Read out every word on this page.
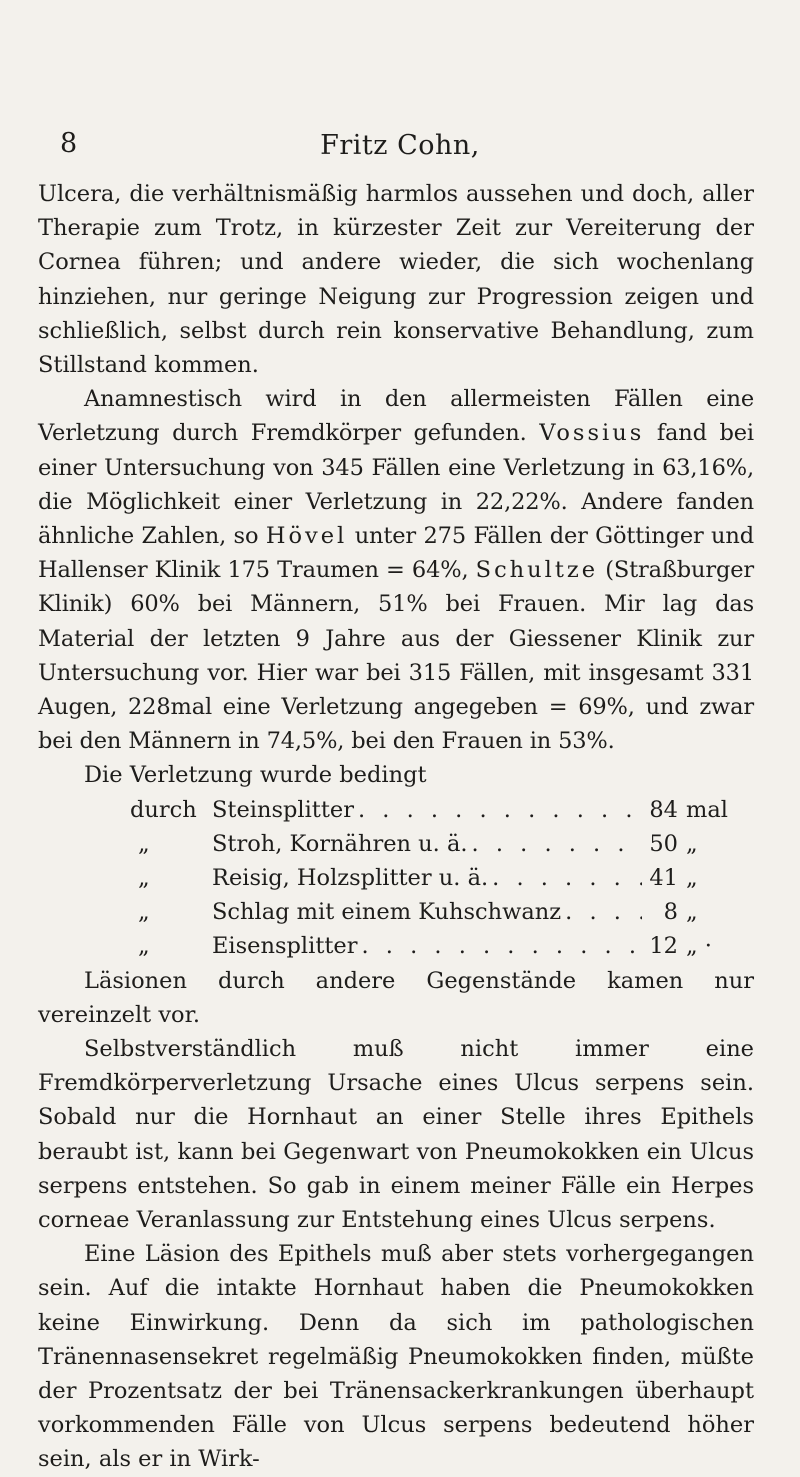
8	Fritz Cohn,

Ulcera, die verhältnismäßig harmlos aussehen und doch, aller Therapie zum Trotz, in kürzester Zeit zur Vereiterung der Cornea führen; und andere wieder, die sich wochenlang hinziehen, nur geringe Neigung zur Progression zeigen und schließlich, selbst durch rein konservative Behandlung, zum Stillstand kommen.

Anamnestisch wird in den allermeisten Fällen eine Verletzung durch Fremdkörper gefunden. Vossius fand bei einer Untersuchung von 345 Fällen eine Verletzung in 63,16%, die Möglichkeit einer Verletzung in 22,22%. Andere fanden ähnliche Zahlen, so Hövel unter 275 Fällen der Göttinger und Hallenser Klinik 175 Traumen = 64%, Schultze (Straßburger Klinik) 60% bei Männern, 51% bei Frauen. Mir lag das Material der letzten 9 Jahre aus der Giessener Klinik zur Untersuchung vor. Hier war bei 315 Fällen, mit insgesamt 331 Augen, 228mal eine Verletzung angegeben = 69%, und zwar bei den Männern in 74,5%, bei den Frauen in 53%.

Die Verletzung wurde bedingt

durch Steinsplitter . . .	84 mal
„	Stroh, Kornähren u. ä. . . .	50 „
„	Reisig, Holzsplitter u. ä. . . .	41 „
„	Schlag mit einem Kuhschwanz . . .	8 „
„	Eisensplitter . . .	12 „ ·

Läsionen durch andere Gegenstände kamen nur vereinzelt vor.

Selbstverständlich muß nicht immer eine Fremdkörperverletzung Ursache eines Ulcus serpens sein. Sobald nur die Hornhaut an einer Stelle ihres Epithels beraubt ist, kann bei Gegenwart von Pneumokokken ein Ulcus serpens entstehen. So gab in einem meiner Fälle ein Herpes corneae Veranlassung zur Entstehung eines Ulcus serpens.

Eine Läsion des Epithels muß aber stets vorhergegangen sein. Auf die intakte Hornhaut haben die Pneumokokken keine Einwirkung. Denn da sich im pathologischen Tränennasensekret regelmäßig Pneumokokken finden, müßte der Prozentsatz der bei Tränensackerkrankungen überhaupt vorkommenden Fälle von Ulcus serpens bedeutend höher sein, als er in Wirk-
